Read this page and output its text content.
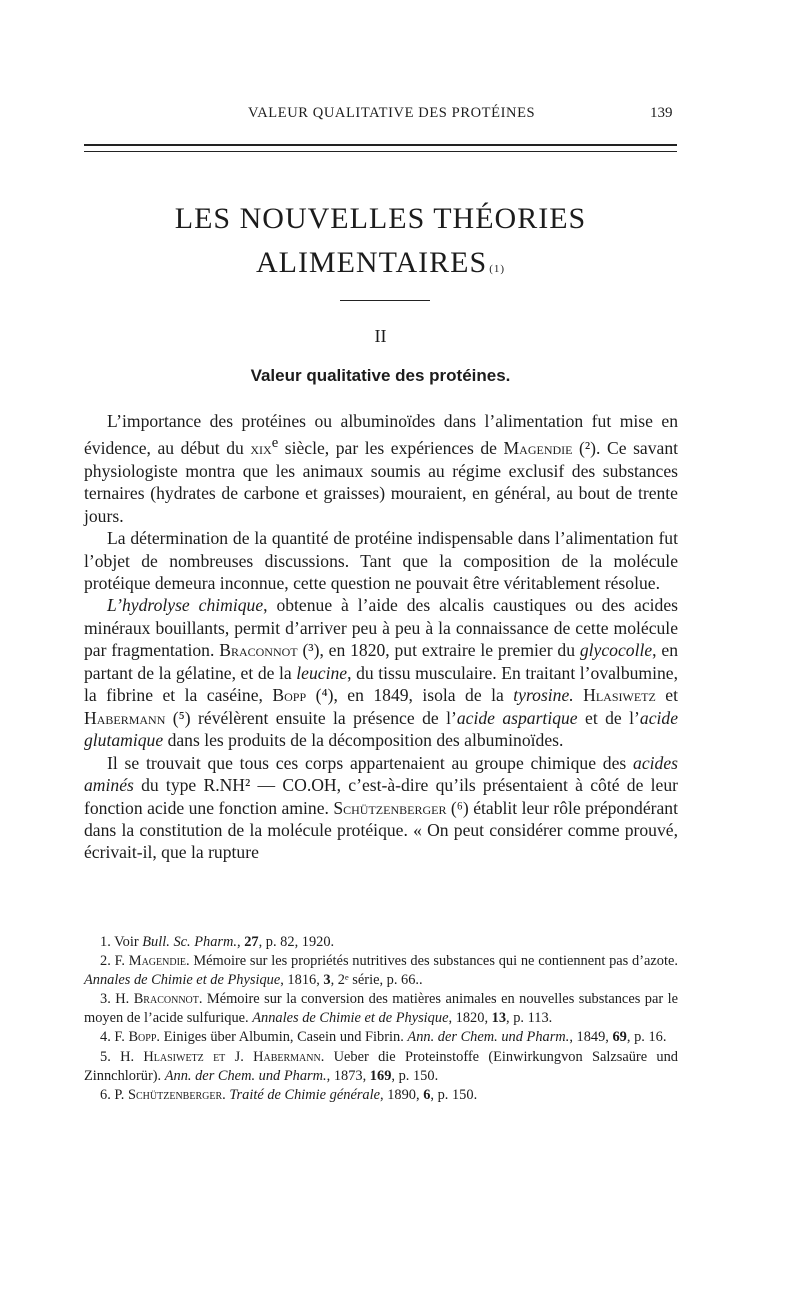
VALEUR QUALITATIVE DES PROTÉINES	139
LES NOUVELLES THÉORIES
ALIMENTAIRES $^{(1)}$
II
Valeur qualitative des protéines.

L’importance des protéines ou albuminoïdes dans l’alimentation fut mise en évidence, au début du xix$^e$ siècle, par les expériences de Magendie (²). Ce savant physiologiste montra que les animaux soumis au régime exclusif des substances ternaires (hydrates de carbone et graisses) mouraient, en général, au bout de trente jours.

La détermination de la quantité de protéine indispensable dans l’alimentation fut l’objet de nombreuses discussions. Tant que la composition de la molécule protéique demeura inconnue, cette question ne pouvait être véritablement résolue.

L’hydrolyse chimique, obtenue à l’aide des alcalis caustiques ou des acides minéraux bouillants, permit d’arriver peu à peu à la connaissance de cette molécule par fragmentation. Braconnot (³), en 1820, put extraire le premier du glycocolle, en partant de la gélatine, et de la leucine, du tissu musculaire. En traitant l’ovalbumine, la fibrine et la caséine, Bopp (⁴), en 1849, isola de la tyrosine. Hlasiwetz et Habermann (⁵) révélèrent ensuite la présence de l’acide aspartique et de l’acide glutamique dans les produits de la décomposition des albuminoïdes.

Il se trouvait que tous ces corps appartenaient au groupe chimique des acides aminés du type R.NH² — CO.OH, c’est-à-dire qu’ils présentaient à côté de leur fonction acide une fonction amine. Schützenberger (⁶) établit leur rôle prépondérant dans la constitution de la molécule protéique. « On peut considérer comme prouvé, écrivait-il, que la rupture

1. Voir Bull. Sc. Pharm., 27, p. 82, 1920.

2. F. Magendie. Mémoire sur les propriétés nutritives des substances qui ne contiennent pas d’azote. Annales de Chimie et de Physique, 1816, 3, 2ᵉ série, p. 66..

3. H. Braconnot. Mémoire sur la conversion des matières animales en nouvelles substances par le moyen de l’acide sulfurique. Annales de Chimie et de Physique, 1820, 13, p. 113.

4. F. Bopp. Einiges über Albumin, Casein und Fibrin. Ann. der Chem. und Pharm., 1849, 69, p. 16.

5. H. Hlasiwetz et J. Habermann. Ueber die Proteinstoffe (Einwirkungvon Salzsaüre und Zinnchlorür). Ann. der Chem. und Pharm., 1873, 169, p. 150.

6. P. Schützenberger. Traité de Chimie générale, 1890, 6, p. 150.
